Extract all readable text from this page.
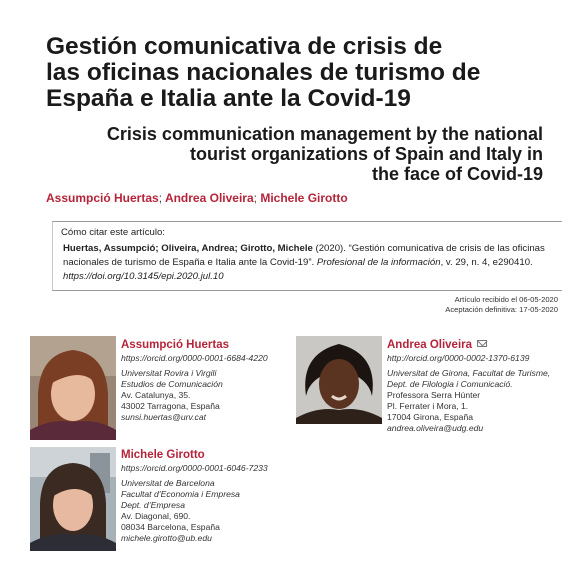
Gestión comunicativa de crisis de
las oficinas nacionales de turismo de
España e Italia ante la Covid-19
Crisis communication management by the national
tourist organizations of Spain and Italy in
the face of Covid-19
Assumpció Huertas; Andrea Oliveira; Michele Girotto
Cómo citar este artículo:
Huertas, Assumpció; Oliveira, Andrea; Girotto, Michele (2020). “Gestión comunicativa de crisis de las oficinas nacionales de turismo de España e Italia ante la Covid-19”. Profesional de la información, v. 29, n. 4, e290410.
https://doi.org/10.3145/epi.2020.jul.10
Artículo recibido el 06-05-2020
Aceptación definitiva: 17-05-2020
Assumpció Huertas
https://orcid.org/0000-0001-6684-4220
Universitat Rovira i Virgili
Estudios de Comunicación
Av. Catalunya, 35.
43002 Tarragona, España
sunsi.huertas@urv.cat
Andrea Oliveira
http://orcid.org/0000-0002-1370-6139
Universitat de Girona, Facultat de Turisme,
Dept. de Filologia i Comunicació.
Professora Serra Húnter
Pl. Ferrater i Mora, 1.
17004 Girona, España
andrea.oliveira@udg.edu
Michele Girotto
https://orcid.org/0000-0001-6046-7233
Universitat de Barcelona
Facultat d’Economia i Empresa
Dept. d’Empresa
Av. Diagonal, 690.
08034 Barcelona, España
michele.girotto@ub.edu
